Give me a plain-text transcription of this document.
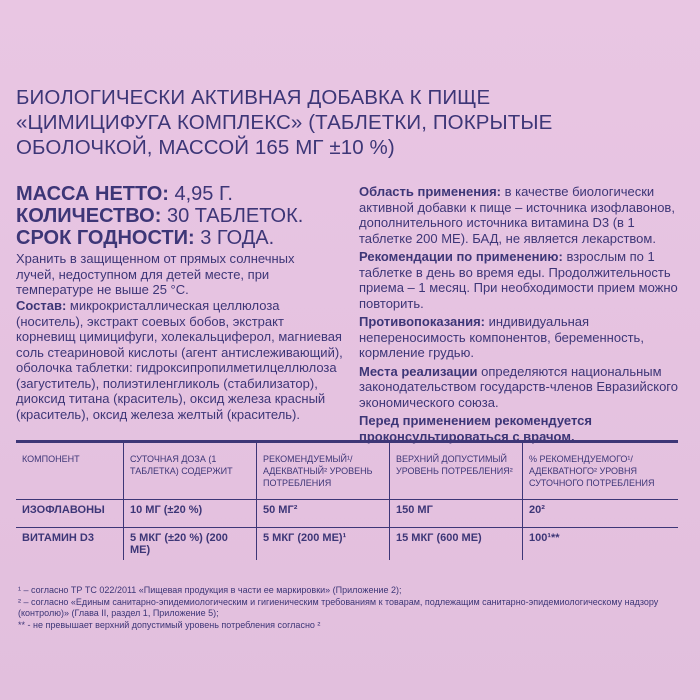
БИОЛОГИЧЕСКИ АКТИВНАЯ ДОБАВКА К ПИЩЕ «ЦИМИЦИФУГА КОМПЛЕКС» (ТАБЛЕТКИ, ПОКРЫТЫЕ ОБОЛОЧКОЙ, МАССОЙ 165 МГ ±10 %)
МАССА НЕТТО: 4,95 Г.
КОЛИЧЕСТВО: 30 ТАБЛЕТОК.
СРОК ГОДНОСТИ: 3 ГОДА.
Хранить в защищенном от прямых солнечных лучей, недоступном для детей месте, при температуре не выше 25 °С.
Состав: микрокристаллическая целлюлоза (носитель), экстракт соевых бобов, экстракт корневищ цимицифуги, холекальциферол, магниевая соль стеариновой кислоты (агент антислеживающий), оболочка таблетки: гидроксипропилметилцеллюлоза (загуститель), полиэтиленгликоль (стабилизатор), диоксид титана (краситель), оксид железа красный (краситель), оксид железа желтый (краситель).

Область применения: в качестве биологически активной добавки к пище – источника изофлавонов, дополнительного источника витамина D3 (в 1 таблетке 200 МЕ). БАД, не является лекарством.

Рекомендации по применению: взрослым по 1 таблетке в день во время еды. Продолжительность приема – 1 месяц. При необходимости прием можно повторить.

Противопоказания: индивидуальная непереносимость компонентов, беременность, кормление грудью.

Места реализации определяются национальным законодательством государств-членов Евразийского экономического союза.

Перед применением рекомендуется проконсультироваться с врачом.

КОМПОНЕНТ	СУТОЧНАЯ ДОЗА (1 ТАБЛЕТКА) СОДЕРЖИТ	РЕКОМЕНДУЕМЫЙ¹/ АДЕКВАТНЫЙ² УРОВЕНЬ ПОТРЕБЛЕНИЯ	ВЕРХНИЙ ДОПУСТИМЫЙ УРОВЕНЬ ПОТРЕБЛЕНИЯ²	% РЕКОМЕНДУЕМОГО¹/ АДЕКВАТНОГО² УРОВНЯ СУТОЧНОГО ПОТРЕБЛЕНИЯ
ИЗОФЛАВОНЫ	10 МГ (±20 %)	50 МГ²	150 МГ	20²
ВИТАМИН D3	5 МКГ (±20 %) (200 МЕ)	5 МКГ (200 МЕ)¹	15 МКГ (600 МЕ)	100¹**
¹ – согласно ТР ТС 022/2011 «Пищевая продукция в части ее маркировки» (Приложение 2);
² – согласно «Единым санитарно-эпидемиологическим и гигиеническим требованиям к товарам, подлежащим санитарно-эпидемиологическому надзору (контролю)» (Глава II, раздел 1, Приложение 5);
** - не превышает верхний допустимый уровень потребления согласно ²
